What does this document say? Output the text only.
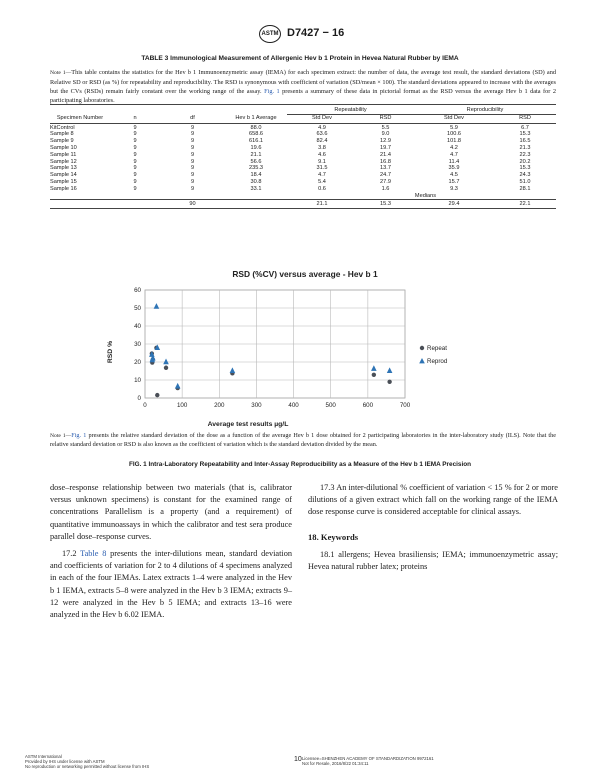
ASTM D7427 − 16
TABLE 3 Immunological Measurement of Allergenic Hev b 1 Protein in Hevea Natural Rubber by IEMA
Note 1—This table contains the statistics for the Hev b 1 Immunoenzymetric assay (IEMA) for each specimen extract: the number of data, the average test result, the standard deviations (SD) and Relative SD or RSD (as %) for repeatability and reproducibility. The RSD is synonymous with coefficient of variation (SD/mean × 100). The standard deviations appeared to increase with the averages but the CVs (RSDs) remain fairly constant over the working range of the assay. Fig. 1 presents a summary of these data in pictorial format as the RSD versus the average Hev b 1 data for 2 participating laboratories.
				Repeatability		Reproducibility	
Specimen Number	n	df	Hev b 1 Average	Std Dev	RSD	Std Dev	RSD

KitControl	9	9	88.0	4.9	5.5	5.9	6.7
Sample 8	9	9	658.6	63.6	9.0	100.6	15.3
Sample 9	9	9	616.1	82.4	12.9	101.8	16.5
Sample 10	9	9	19.6	3.8	19.7	4.2	21.3
Sample 11	9	9	21.1	4.6	21.4	4.7	22.3
Sample 12	9	9	56.6	9.1	16.8	11.4	20.2
Sample 13	9	9	235.3	31.5	13.7	35.9	15.3
Sample 14	9	9	18.4	4.7	24.7	4.5	24.3
Sample 15	9	9	30.8	5.4	27.9	15.7	51.0
Sample 16	9	9	33.1	0.6	1.6	9.3	28.1
					Medians		

		90		21.1	15.3	29.4	22.1

RSD (%CV) versus average - Hev b 1
RSD %
Average test results µg/L
0	100	200	300	400	500	600	700
0
10
20
30
40
50
60
Repeat
Reprod
Note 1—Fig. 1 presents the relative standard deviation of the dose as a function of the average Hev b 1 dose obtained for 2 participating laboratories in the inter-laboratory study (ILS). Note that the relative standard deviation or RSD is also known as the coefficient of variation which is the standard deviation divided by the mean.
FIG. 1 Intra-Laboratory Repeatability and Inter-Assay Reproducibility as a Measure of the Hev b 1 IEMA Precision
dose–response relationship between two materials (that is, calibrator versus unknown specimens) is constant for the examined range of concentrations Parallelism is a property (and a requirement) of quantitative immunoassays in which the calibrator and test sera produce parallel dose–response curves.
17.2 Table 8 presents the inter-dilutions mean, standard deviation and coefficients of variation for 2 to 4 dilutions of 4 specimens analyzed in each of the four IEMAs. Latex extracts 1–4 were analyzed in the Hev b 1 IEMA, extracts 5–8 were analyzed in the Hev b 3 IEMA; extracts 9–12 were analyzed in the Hev b 5 IEMA; and extracts 13–16 were analyzed in the Hev b 6.02 IEMA.
17.3 An inter-dilutional % coefficient of variation < 15 % for 2 or more dilutions of a given extract which fall on the working range of the IEMA dose response curve is considered acceptable for clinical assays.
18. Keywords
18.1 allergens; Hevea brasiliensis; IEMA; immunoenzymetric assay; Hevea natural rubber latex; proteins
ASTM International
Provided by IHS under license with ASTM
No reproduction or networking permitted without license from IHS
10 Licensee=SHENZHEN ACADEMY OF STANDARDIZATION 9972161
Not for Resale, 2016/8/22 01:34:11
